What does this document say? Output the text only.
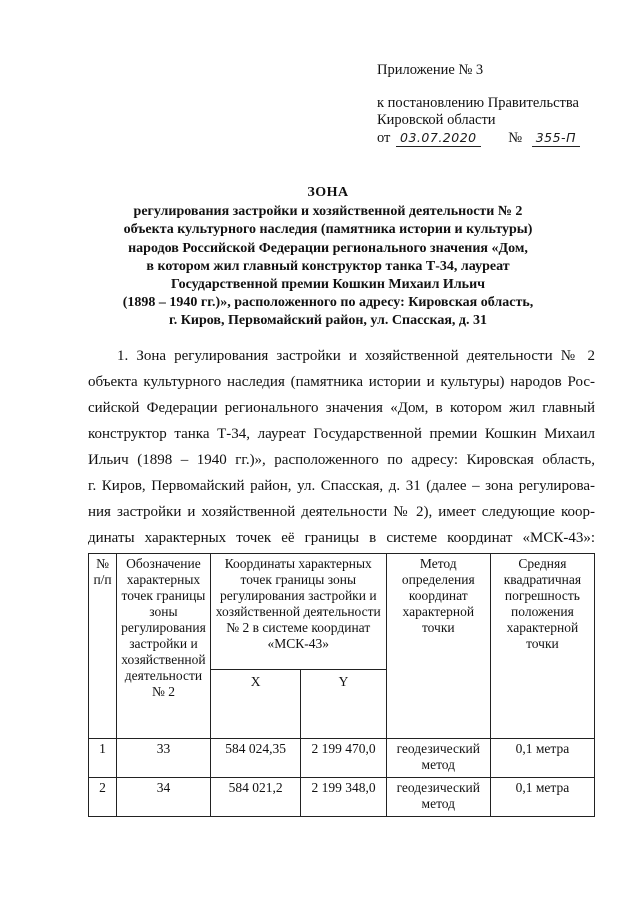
Приложение № 3
к постановлению Правительства
Кировской области
от 03.07.2020 № 355-П
ЗОНА
регулирования застройки и хозяйственной деятельности № 2
объекта культурного наследия (памятника истории и культуры)
народов Российской Федерации регионального значения «Дом,
в котором жил главный конструктор танка Т-34, лауреат
Государственной премии Кошкин Михаил Ильич
(1898 – 1940 гг.)», расположенного по адресу: Кировская область,
г. Киров, Первомайский район, ул. Спасская, д. 31
1. Зона регулирования застройки и хозяйственной деятельности № 2
объекта культурного наследия (памятника истории и культуры) народов Рос-
сийской Федерации регионального значения «Дом, в котором жил главный
конструктор танка Т-34, лауреат Государственной премии Кошкин Михаил
Ильич (1898 – 1940 гг.)», расположенного по адресу: Кировская область,
г. Киров, Первомайский район, ул. Спасская, д. 31 (далее – зона регулирова-
ния застройки и хозяйственной деятельности № 2), имеет следующие коор-
динаты характерных точек её границы в системе координат «МСК-43»:
№ п/п	Обозначение характерных точек границы зоны регулирования застройки и хозяйственной деятельности № 2	Координаты характерных точек границы зоны регулирования застройки и хозяйственной деятельности № 2 в системе координат «МСК-43»		Метод определения координат характерной точки	Средняя квадратичная погрешность положения характерной точки
		X	Y		
1	33	584 024,35	2 199 470,0	геодезический метод	0,1 метра
2	34	584 021,2	2 199 348,0	геодезический метод	0,1 метра
